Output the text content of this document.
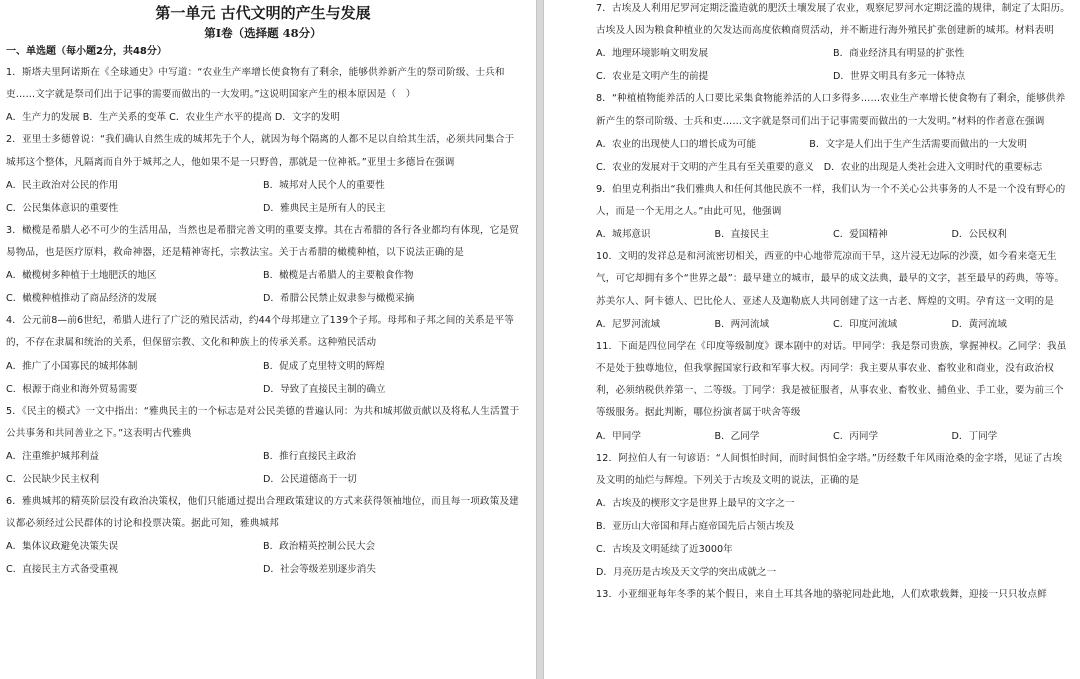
第一单元 古代文明的产生与发展
第Ⅰ卷（选择题 48分）
一、单选题（每小题2分，共48分）
1．斯塔夫里阿诺斯在《全球通史》中写道：“农业生产率增长使食物有了剩余，能够供养新产生的祭司阶级、士兵和吏……文字就是祭司们出于记事的需要而做出的一大发明。”这说明国家产生的根本原因是（　）
A．生产力的发展 B．生产关系的变革 C．农业生产水平的提高 D．文字的发明
2．亚里士多德曾说：“我们确认自然生成的城邦先于个人，就因为每个隔离的人都不足以自给其生活，必须共同集合于城邦这个整体，凡隔离而自外于城邦之人，他如果不是一只野兽，那就是一位神祇。”亚里士多德旨在强调
A．民主政治对公民的作用	B．城邦对人民个人的重要性
C．公民集体意识的重要性	D．雅典民主是所有人的民主
3．橄榄是希腊人必不可少的生活用品，当然也是希腊完善文明的重要支撑。其在古希腊的各行各业都均有体现，它是贸易物品，也是医疗原料，救命神器，还是精神寄托，宗教法宝。关于古希腊的橄榄种植，以下说法正确的是
A．橄榄树多种植于土地肥沃的地区	B．橄榄是古希腊人的主要粮食作物
C．橄榄种植推动了商品经济的发展	D．希腊公民禁止奴隶参与橄榄采摘
4．公元前8—前6世纪，希腊人进行了广泛的殖民活动，约44个母邦建立了139个子邦。母邦和子邦之间的关系是平等的，不存在隶属和统治的关系，但保留宗教、文化和种族上的传承关系。这种殖民活动
A．推广了小国寡民的城邦体制	B．促成了克里特文明的辉煌
C．根源于商业和海外贸易需要	D．导致了直接民主制的确立
5．《民主的模式》一文中指出：“雅典民主的一个标志是对公民美德的普遍认同：为共和城邦做贡献以及将私人生活置于公共事务和共同善业之下。”这表明古代雅典
A．注重维护城邦利益	B．推行直接民主政治
C．公民缺少民主权利	D．公民道德高于一切
6．雅典城邦的精英阶层没有政治决策权，他们只能通过提出合理政策建议的方式来获得领袖地位，而且每一项政策及建议都必须经过公民群体的讨论和投票决策。据此可知，雅典城邦
A．集体议政避免决策失误	B．政治精英控制公民大会
C．直接民主方式备受重视	D．社会等级差别逐步消失
7．古埃及人利用尼罗河定期泛滥造就的肥沃土壤发展了农业，观察尼罗河水定期泛滥的规律，制定了太阳历。古埃及人因为粮食种植业的欠发达而高度依赖商贸活动，并不断进行海外殖民扩张创建新的城邦。材料表明
A．地理环境影响文明发展	B．商业经济具有明显的扩张性
C．农业是文明产生的前提	D．世界文明具有多元一体特点
8．“种植植物能养活的人口要比采集食物能养活的人口多得多……农业生产率增长使食物有了剩余，能够供养新产生的祭司阶级、士兵和吏……文字就是祭司们出于记事需要而做出的一大发明。”材料的作者意在强调
A．农业的出现使人口的增长成为可能	B．文字是人们出于生产生活需要而做出的一大发明
C．农业的发展对于文明的产生具有至关重要的意义 D．农业的出现是人类社会进入文明时代的重要标志
9．伯里克利指出“我们雅典人和任何其他民族不一样，我们认为一个不关心公共事务的人不是一个没有野心的人，而是一个无用之人。”由此可见，他强调
A．城邦意识	B．直接民主	C．爱国精神	D．公民权利
10．文明的发祥总是和河流密切相关，西亚的中心地带荒凉而干旱，这片浸无边际的沙漠，如今看来毫无生气，可它却拥有多个“世界之最”：最早建立的城市，最早的成文法典，最早的文字，甚至最早的药典，等等。苏美尔人、阿卡德人、巴比伦人、亚述人及迦勒底人共同创建了这一古老、辉煌的文明。孕育这一文明的是
A．尼罗河流域	B．两河流域	C．印度河流域	D．黄河流域
11．下面是四位同学在《印度等级制度》课本剧中的对话。甲同学：我是祭司贵族，掌握神权。乙同学：我虽不是处于独尊地位，但我掌握国家行政和军事大权。丙同学：我主要从事农业、畜牧业和商业，没有政治权利，必须纳税供养第一、二等级。丁同学：我是被征服者，从事农业、畜牧业、捕鱼业、手工业，要为前三个等级服务。据此判断，哪位扮演者属于吠舍等级
A．甲同学	B．乙同学	C．丙同学	D．丁同学
12．阿拉伯人有一句谚语：“人间惧怕时间，而时间惧怕金字塔。”历经数千年风雨沧桑的金字塔，见证了古埃及文明的灿烂与辉煌。下列关于古埃及文明的说法，正确的是
A．古埃及的楔形文字是世界上最早的文字之一
B．亚历山大帝国和拜占庭帝国先后占领古埃及
C．古埃及文明延续了近3000年
D．月亮历是古埃及天文学的突出成就之一
13．小亚细亚每年冬季的某个假日，来自土耳其各地的骆驼同赴此地，人们欢歌载舞，迎接一只只妆点鲜
